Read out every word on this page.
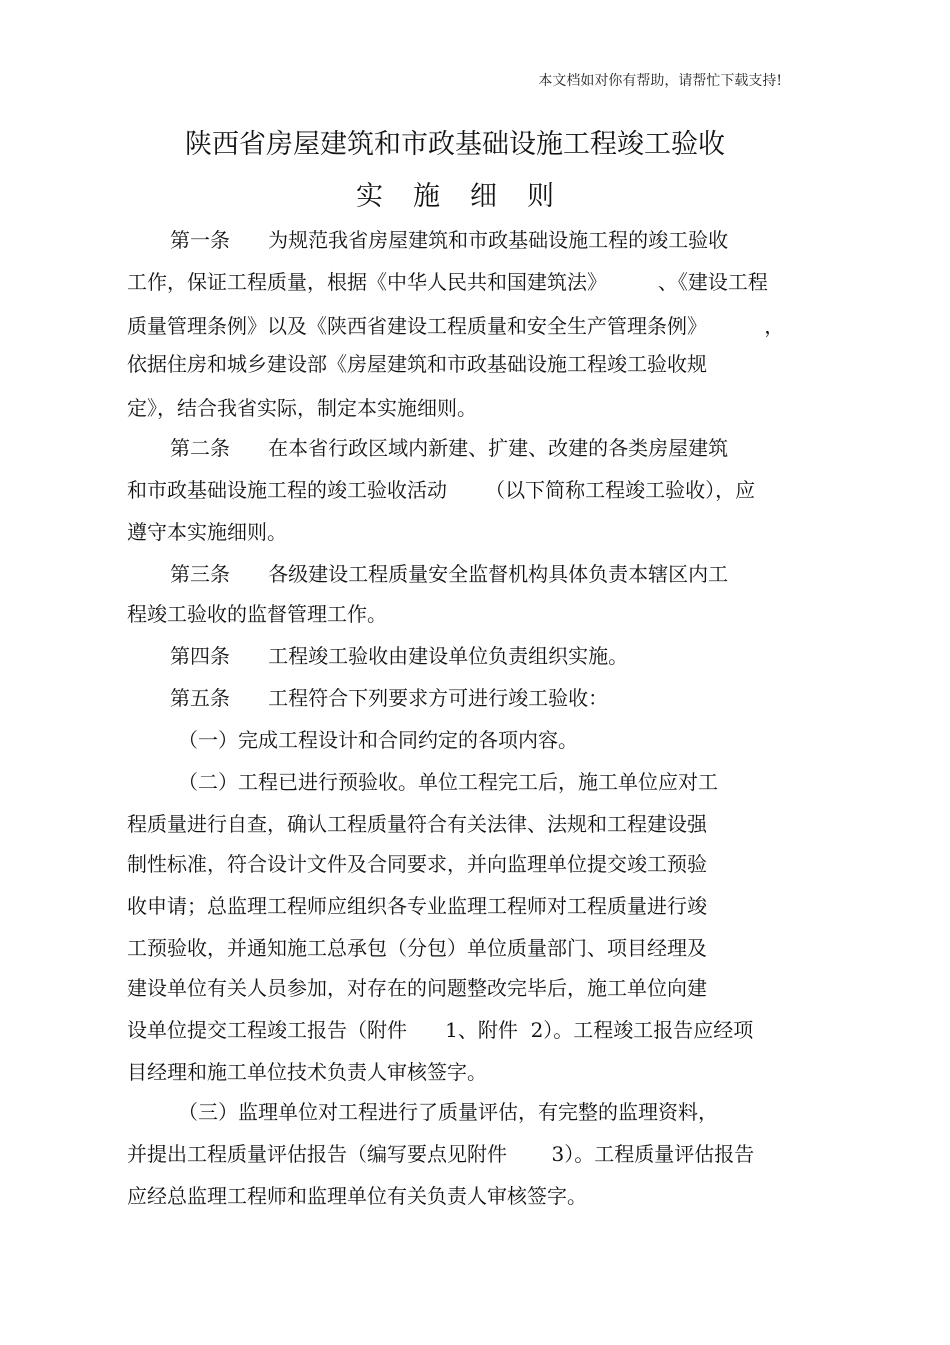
本文档如对你有帮助，请帮忙下载支持!
陕西省房屋建筑和市政基础设施工程竣工验收
实施细则
第一条      为规范我省房屋建筑和市政基础设施工程的竣工验收
工作，保证工程质量，根据《中华人民共和国建筑法》        、《建设工程
质量管理条例》以及《陕西省建设工程质量和安全生产管理条例》         ，
依据住房和城乡建设部《房屋建筑和市政基础设施工程竣工验收规
定》，结合我省实际，制定本实施细则。
第二条      在本省行政区域内新建、扩建、改建的各类房屋建筑
和市政基础设施工程的竣工验收活动      （以下简称工程竣工验收），应
遵守本实施细则。
第三条      各级建设工程质量安全监督机构具体负责本辖区内工
程竣工验收的监督管理工作。
第四条      工程竣工验收由建设单位负责组织实施。
第五条      工程符合下列要求方可进行竣工验收：
（一）完成工程设计和合同约定的各项内容。
（二）工程已进行预验收。单位工程完工后，施工单位应对工
程质量进行自查，确认工程质量符合有关法律、法规和工程建设强
制性标准，符合设计文件及合同要求，并向监理单位提交竣工预验
收申请；总监理工程师应组织各专业监理工程师对工程质量进行竣
工预验收，并通知施工总承包（分包）单位质量部门、项目经理及
建设单位有关人员参加，对存在的问题整改完毕后，施工单位向建
设单位提交工程竣工报告（附件      1、附件  2）。工程竣工报告应经项
目经理和施工单位技术负责人审核签字。
（三）监理单位对工程进行了质量评估，有完整的监理资料，
并提出工程质量评估报告（编写要点见附件       3）。工程质量评估报告
应经总监理工程师和监理单位有关负责人审核签字。
